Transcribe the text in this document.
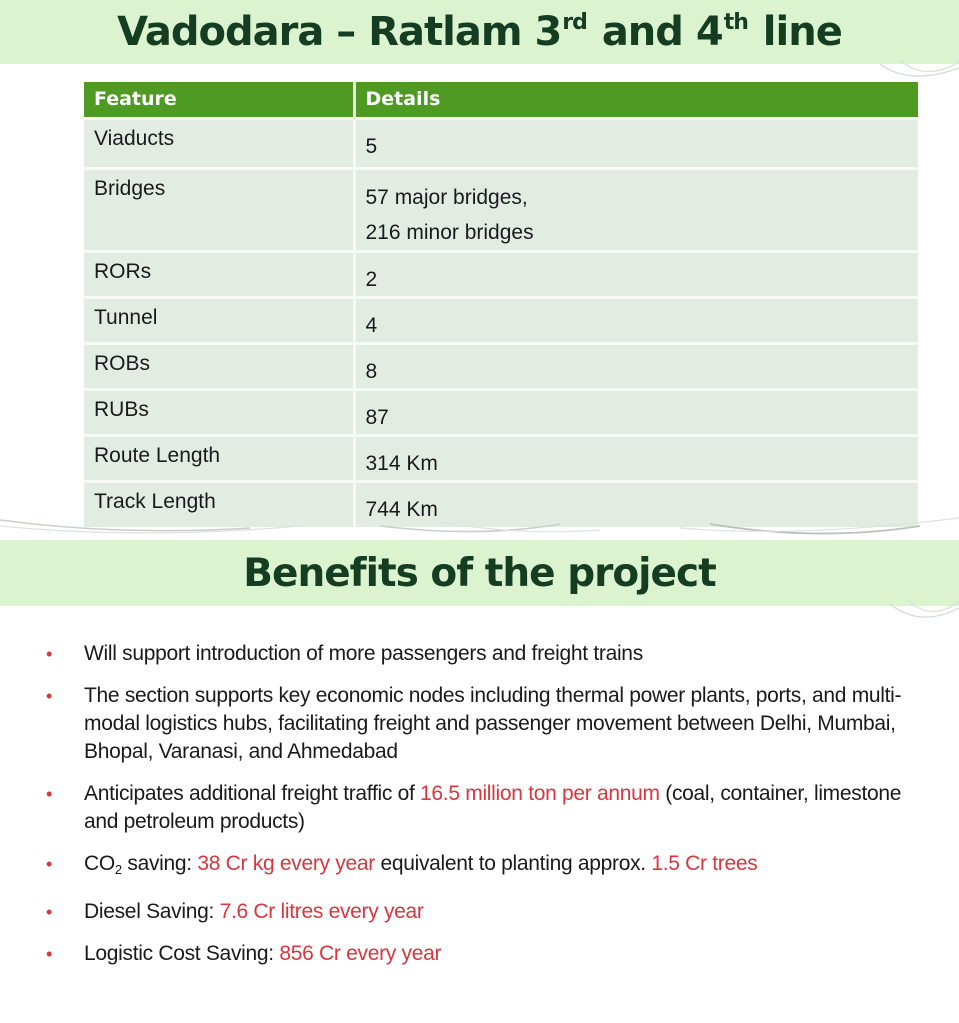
Vadodara – Ratlam 3rd and 4th line
Feature	Details
Viaducts	5
Bridges	57 major bridges,
216 minor bridges

RORs	2
Tunnel	4
ROBs	8
RUBs	87
Route Length	314 Km
Track Length	744 Km
Benefits of the project
• Will support introduction of more passengers and freight trains
• The section supports key economic nodes including thermal power plants, ports, and multi-modal logistics hubs, facilitating freight and passenger movement between Delhi, Mumbai, Bhopal, Varanasi, and Ahmedabad
• Anticipates additional freight traffic of 16.5 million ton per annum (coal, container, limestone and petroleum products)
• $CO_2$ saving: 38 Cr kg every year equivalent to planting approx. 1.5 Cr trees
• Diesel Saving: 7.6 Cr litres every year
• Logistic Cost Saving: 856 Cr every year
